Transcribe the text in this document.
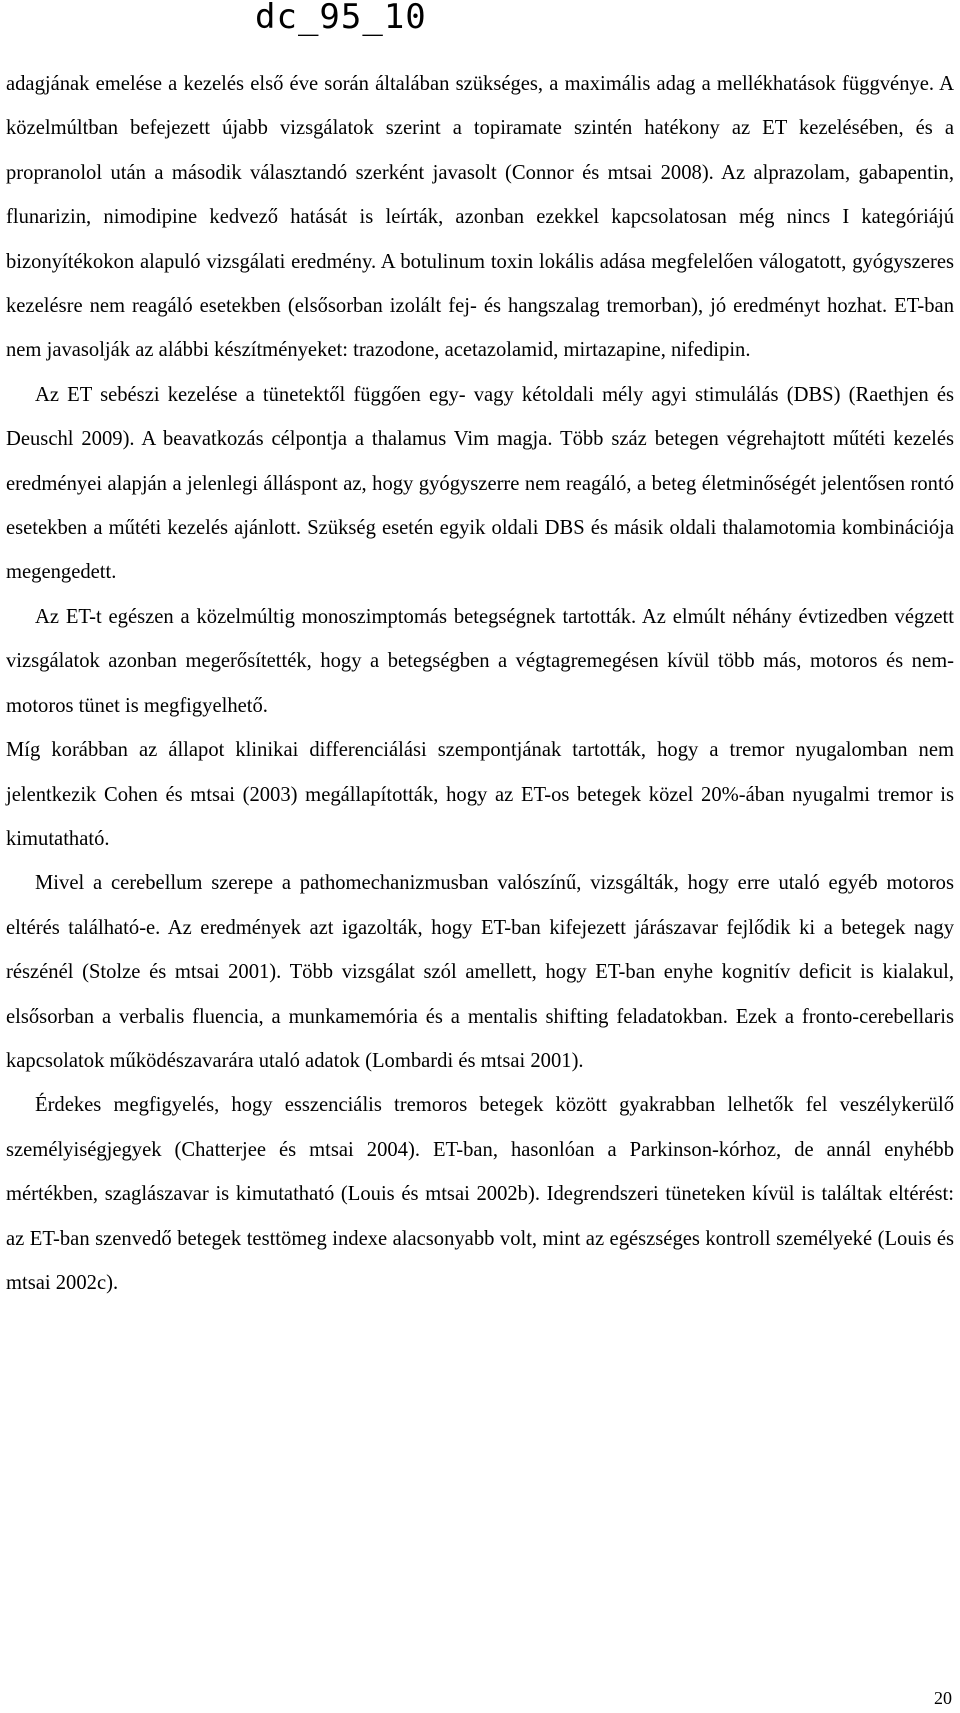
dc_95_10

adagjának emelése a kezelés első éve során általában szükséges, a maximális adag a mellékhatások függvénye. A közelmúltban befejezett újabb vizsgálatok szerint a topiramate szintén hatékony az ET kezelésében, és a propranolol után a második választandó szerként javasolt (Connor és mtsai 2008). Az alprazolam, gabapentin, flunarizin, nimodipine kedvező hatását is leírták, azonban ezekkel kapcsolatosan még nincs I kategóriájú bizonyítékokon alapuló vizsgálati eredmény. A botulinum toxin lokális adása megfelelően válogatott, gyógyszeres kezelésre nem reagáló esetekben (elsősorban izolált fej- és hangszalag tremorban), jó eredményt hozhat. ET-ban nem javasolják az alábbi készítményeket: trazodone, acetazolamid, mirtazapine, nifedipin.

Az ET sebészi kezelése a tünetektől függően egy- vagy kétoldali mély agyi stimulálás (DBS) (Raethjen és Deuschl 2009). A beavatkozás célpontja a thalamus Vim magja. Több száz betegen végrehajtott műtéti kezelés eredményei alapján a jelenlegi álláspont az, hogy gyógyszerre nem reagáló, a beteg életminőségét jelentősen rontó esetekben a műtéti kezelés ajánlott. Szükség esetén egyik oldali DBS és másik oldali thalamotomia kombinációja megengedett.

Az ET-t egészen a közelmúltig monoszimptomás betegségnek tartották. Az elmúlt néhány évtizedben végzett vizsgálatok azonban megerősítették, hogy a betegségben a végtagremegésen kívül több más, motoros és nem-motoros tünet is megfigyelhető.

Míg korábban az állapot klinikai differenciálási szempontjának tartották, hogy a tremor nyugalomban nem jelentkezik Cohen és mtsai (2003) megállapították, hogy az ET-os betegek közel 20%-ában nyugalmi tremor is kimutatható.

Mivel a cerebellum szerepe a pathomechanizmusban valószínű, vizsgálták, hogy erre utaló egyéb motoros eltérés található-e. Az eredmények azt igazolták, hogy ET-ban kifejezett járászavar fejlődik ki a betegek nagy részénél (Stolze és mtsai 2001). Több vizsgálat szól amellett, hogy ET-ban enyhe kognitív deficit is kialakul, elsősorban a verbalis fluencia, a munkamemória és a mentalis shifting feladatokban. Ezek a fronto-cerebellaris kapcsolatok működészavarára utaló adatok (Lombardi és mtsai 2001).

Érdekes megfigyelés, hogy esszenciális tremoros betegek között gyakrabban lelhetők fel veszélykerülő személyiségjegyek (Chatterjee és mtsai 2004). ET-ban, hasonlóan a Parkinson-kórhoz, de annál enyhébb mértékben, szaglászavar is kimutatható (Louis és mtsai 2002b). Idegrendszeri tüneteken kívül is találtak eltérést: az ET-ban szenvedő betegek testtömeg indexe alacsonyabb volt, mint az egészséges kontroll személyeké (Louis és mtsai 2002c).

20
